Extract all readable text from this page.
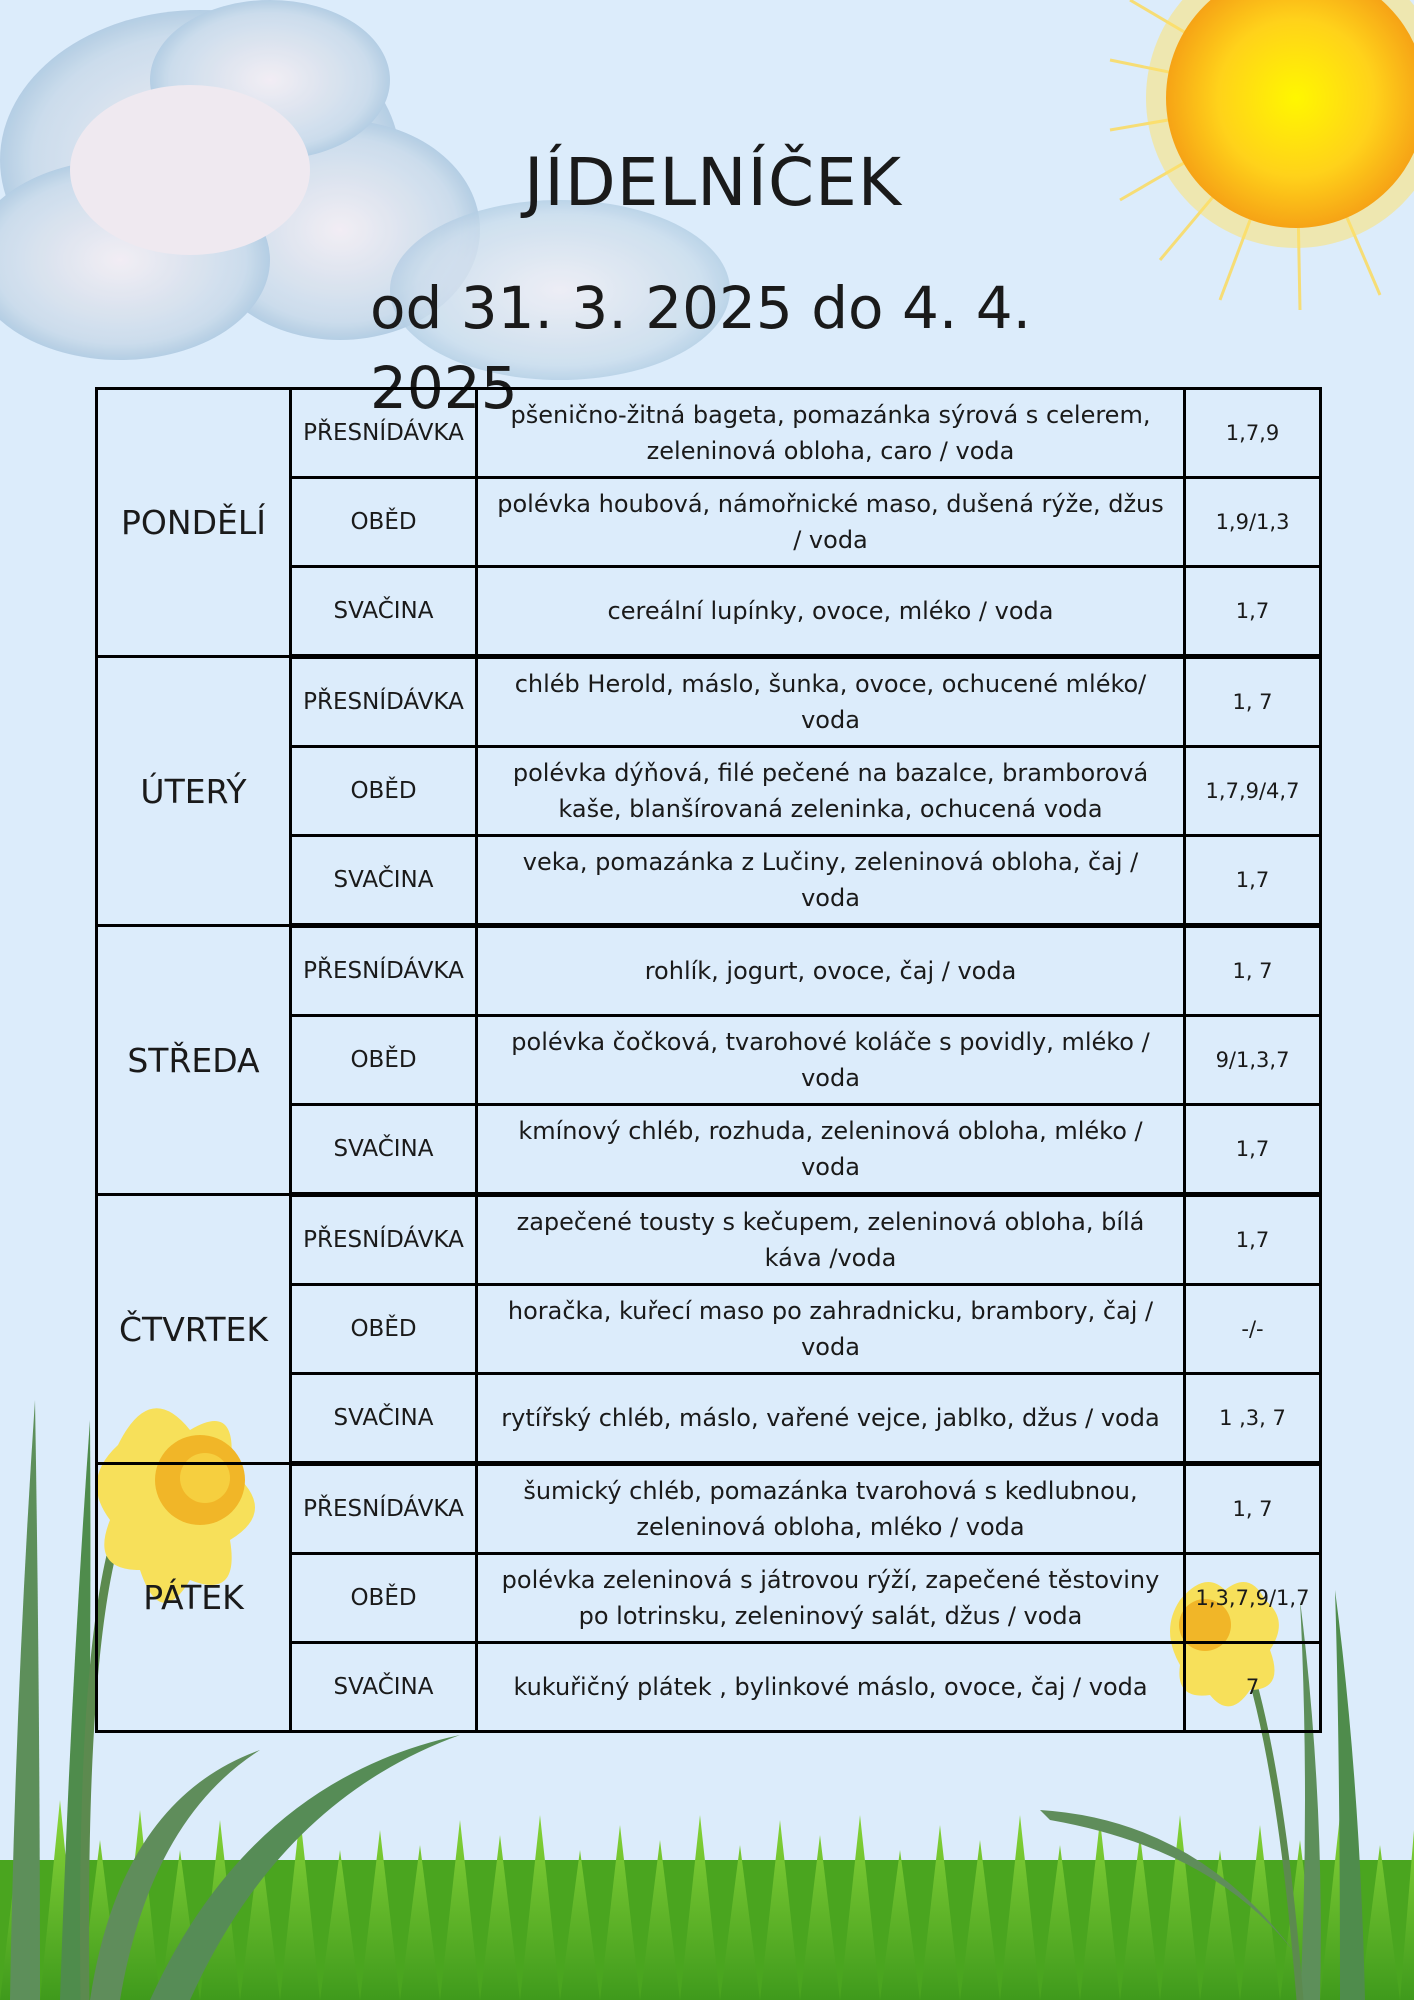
JÍDELNÍČEK
od 31. 3. 2025 do 4. 4. 2025
PONDĚLÍ	PŘESNÍDÁVKA	pšeničnо-žitná bageta, pomazánka sýrová s celerem, zeleninová obloha, caro / voda	1,7,9
	OBĚD	polévka houbová, námořnické maso, dušená rýže, džus / voda	1,9/1,3
	SVAČINA	cereální lupínky, ovoce, mléko / voda	1,7
ÚTERÝ	PŘESNÍDÁVKA	chléb Herold, máslo, šunka, ovoce, ochucené mléko/ voda	1, 7
	OBĚD	polévka dýňová, filé pečené na bazalce, bramborová kaše, blanšírovaná zeleninka, ochucená voda	1,7,9/4,7
	SVAČINA	veka, pomazánka z Lučiny, zeleninová obloha, čaj / voda	1,7
STŘEDA	PŘESNÍDÁVKA	rohlík, jogurt, ovoce, čaj / voda	1, 7
	OBĚD	polévka čočková, tvarohové koláče s povidly, mléko / voda	9/1,3,7
	SVAČINA	kmínový chléb, rozhuda, zeleninová obloha, mléko / voda	1,7
ČTVRTEK	PŘESNÍDÁVKA	zapečené tousty s kečupem, zeleninová obloha, bílá káva /voda	1,7
	OBĚD	horačka, kuřecí maso po zahradnicku, brambory, čaj / voda	-/-
	SVAČINA	rytířský chléb, máslo, vařené vejce, jablko, džus / voda	1 ,3, 7
PÁTEK	PŘESNÍDÁVKA	šumický chléb, pomazánka tvarohová s kedlubnou, zeleninová obloha, mléko / voda	1, 7
	OBĚD	polévka zeleninová s játrovou rýží, zapečené těstoviny po lotrinsku, zeleninový salát, džus / voda	1,3,7,9/1,7
	SVAČINA	kukuřičný plátek , bylinkové máslo, ovoce, čaj / voda	7
